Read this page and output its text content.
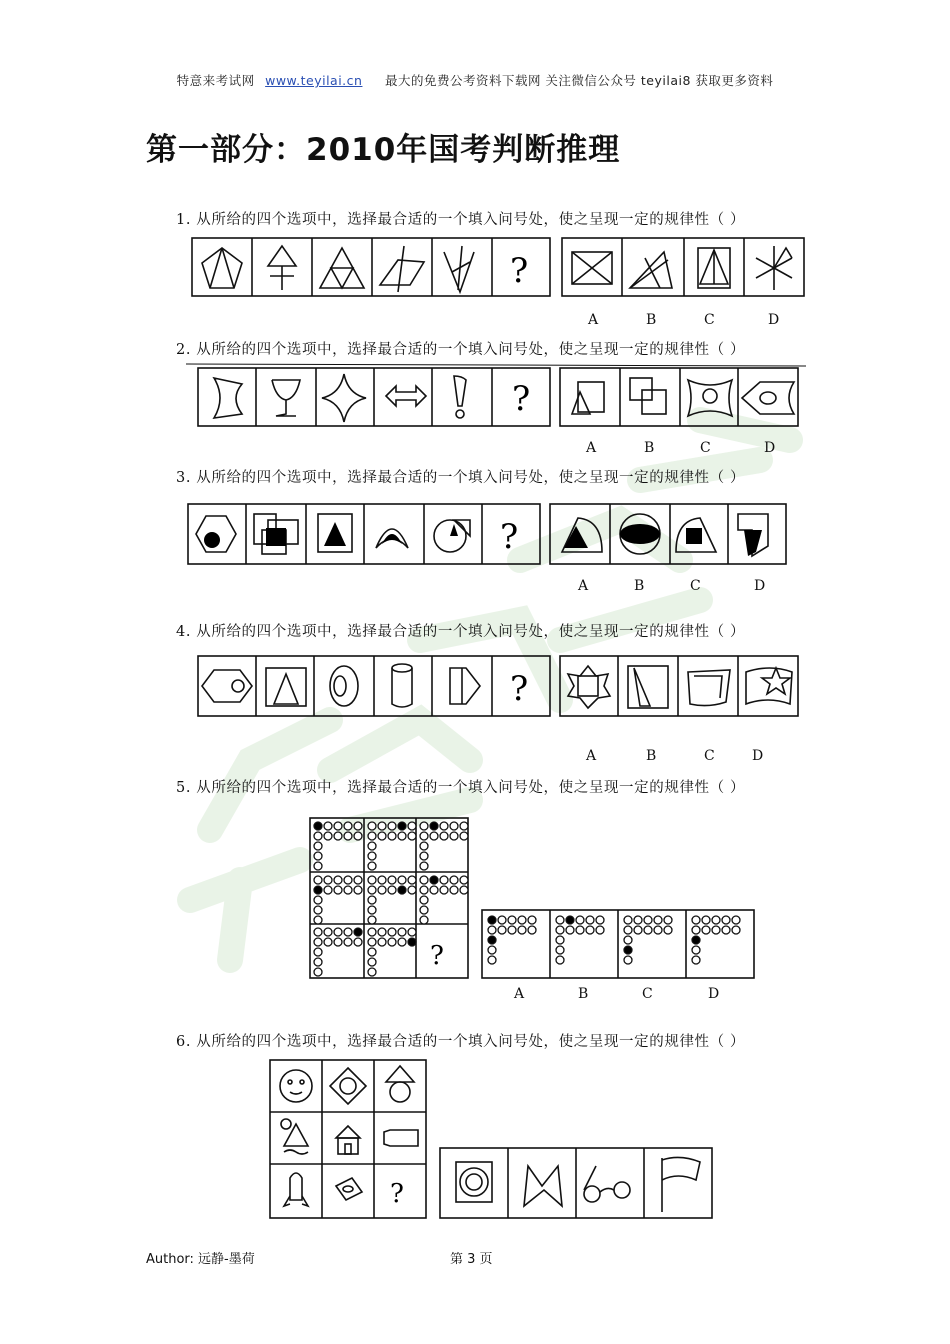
特意来考试网 www.teyilai.cn 最大的免费公考资料下载网 关注微信公众号 teyilai8 获取更多资料
第一部分：2010年国考判断推理
1. 从所给的四个选项中，选择最合适的一个填入问号处，使之呈现一定的规律性（ ）
?
A	B	C	D
2. 从所给的四个选项中，选择最合适的一个填入问号处，使之呈现一定的规律性（ ）
?
A	B	C	D
3. 从所给的四个选项中，选择最合适的一个填入问号处，使之呈现一定的规律性（ ）
?
A	B	C	D
4. 从所给的四个选项中，选择最合适的一个填入问号处，使之呈现一定的规律性（ ）
?
A	B	C	D
5. 从所给的四个选项中，选择最合适的一个填入问号处，使之呈现一定的规律性（ ）
?
A	B	C	D
6. 从所给的四个选项中，选择最合适的一个填入问号处，使之呈现一定的规律性（ ）
?
Author: 远静-墨荷	第 3 页
